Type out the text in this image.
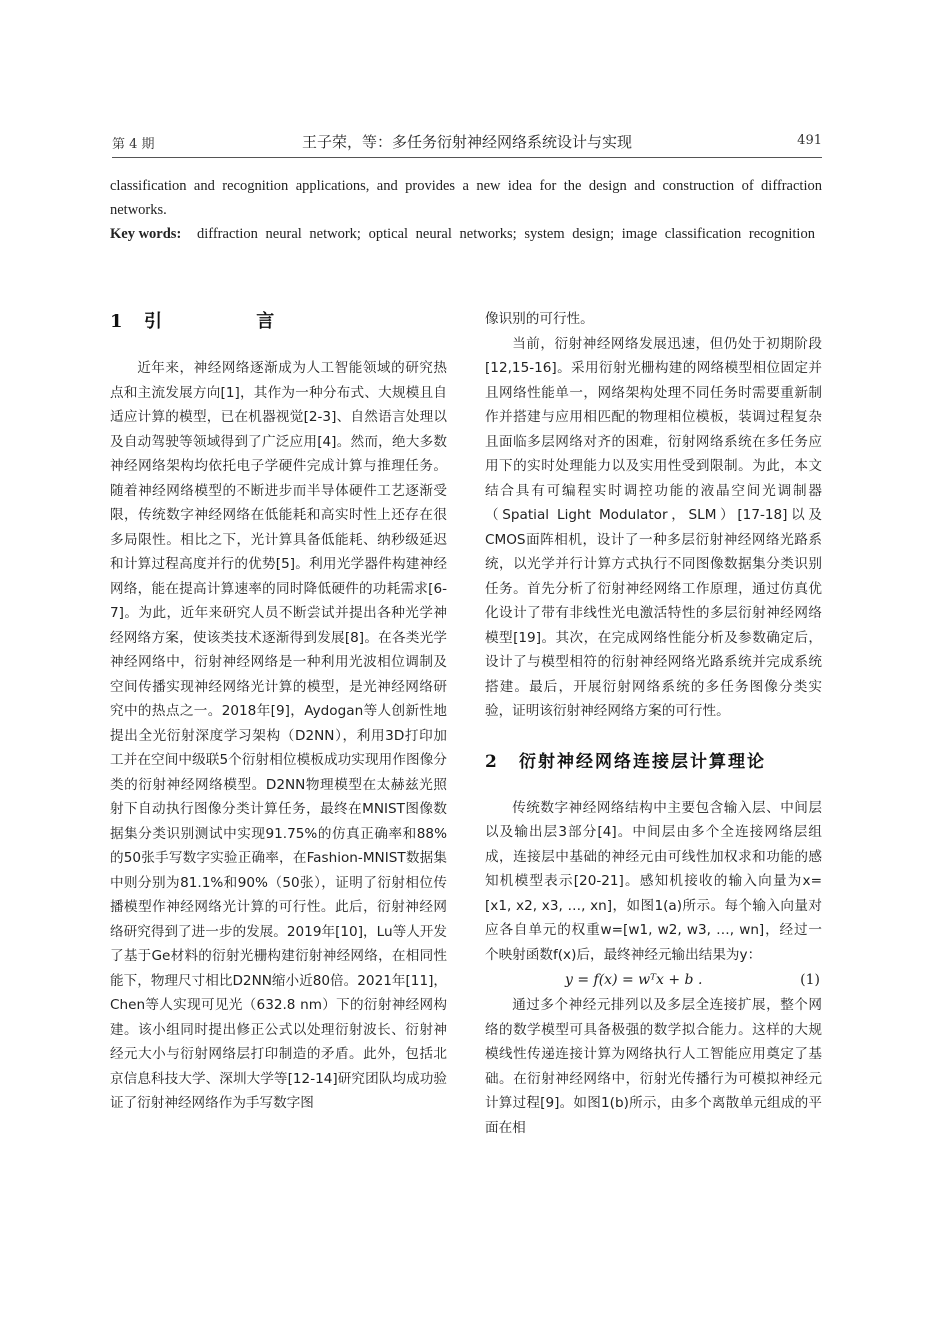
第 4 期	王子荣，等：多任务衍射神经网络系统设计与实现	491
classification and recognition applications, and provides a new idea for the design and construction of diffraction networks.
Key words: diffraction neural network; optical neural networks; system design; image classification recognition
1 引 言

近年来，神经网络逐渐成为人工智能领域的研究热点和主流发展方向[1]，其作为一种分布式、大规模且自适应计算的模型，已在机器视觉[2-3]、自然语言处理以及自动驾驶等领域得到了广泛应用[4]。然而，绝大多数神经网络架构均依托电子学硬件完成计算与推理任务。随着神经网络模型的不断进步而半导体硬件工艺逐渐受限，传统数字神经网络在低能耗和高实时性上还存在很多局限性。相比之下，光计算具备低能耗、纳秒级延迟和计算过程高度并行的优势[5]。利用光学器件构建神经网络，能在提高计算速率的同时降低硬件的功耗需求[6-7]。为此，近年来研究人员不断尝试并提出各种光学神经网络方案，使该类技术逐渐得到发展[8]。在各类光学神经网络中，衍射神经网络是一种利用光波相位调制及空间传播实现神经网络光计算的模型，是光神经网络研究中的热点之一。2018年[9]，Aydogan等人创新性地提出全光衍射深度学习架构（D2NN），利用3D打印加工并在空间中级联5个衍射相位模板成功实现用作图像分类的衍射神经网络模型。D2NN物理模型在太赫兹光照射下自动执行图像分类计算任务，最终在MNIST图像数据集分类识别测试中实现91.75%的仿真正确率和88%的50张手写数字实验正确率，在Fashion-MNIST数据集中则分别为81.1%和90%（50张），证明了衍射相位传播模型作神经网络光计算的可行性。此后，衍射神经网络研究得到了进一步的发展。2019年[10]，Lu等人开发了基于Ge材料的衍射光栅构建衍射神经网络，在相同性能下，物理尺寸相比D2NN缩小近80倍。2021年[11]，Chen等人实现可见光（632.8 nm）下的衍射神经网构建。该小组同时提出修正公式以处理衍射波长、衍射神经元大小与衍射网络层打印制造的矛盾。此外，包括北京信息科技大学、深圳大学等[12-14]研究团队均成功验证了衍射神经网络作为手写数字图

像识别的可行性。

当前，衍射神经网络发展迅速，但仍处于初期阶段[12,15-16]。采用衍射光栅构建的网络模型相位固定并且网络性能单一，网络架构处理不同任务时需要重新制作并搭建与应用相匹配的物理相位模板，装调过程复杂且面临多层网络对齐的困难，衍射网络系统在多任务应用下的实时处理能力以及实用性受到限制。为此，本文结合具有可编程实时调控功能的液晶空间光调制器（Spatial Light Modulator，SLM）[17-18]以及CMOS面阵相机，设计了一种多层衍射神经网络光路系统，以光学并行计算方式执行不同图像数据集分类识别任务。首先分析了衍射神经网络工作原理，通过仿真优化设计了带有非线性光电激活特性的多层衍射神经网络模型[19]。其次，在完成网络性能分析及参数确定后，设计了与模型相符的衍射神经网络光路系统并完成系统搭建。最后，开展衍射网络系统的多任务图像分类实验，证明该衍射神经网络方案的可行性。

2 衍射神经网络连接层计算理论

传统数字神经网络结构中主要包含输入层、中间层以及输出层3部分[4]。中间层由多个全连接网络层组成，连接层中基础的神经元由可线性加权求和功能的感知机模型表示[20-21]。感知机接收的输入向量为x=[x1, x2, x3, …, xn]，如图1(a)所示。每个输入向量对应各自单元的权重w=[w1, w2, w3, …, wn]，经过一个映射函数f(x)后，最终神经元输出结果为y：

y = f(x) = wᵀx + b .	(1)

通过多个神经元排列以及多层全连接扩展，整个网络的数学模型可具备极强的数学拟合能力。这样的大规模线性传递连接计算为网络执行人工智能应用奠定了基础。在衍射神经网络中，衍射光传播行为可模拟神经元计算过程[9]。如图1(b)所示，由多个离散单元组成的平面在相
